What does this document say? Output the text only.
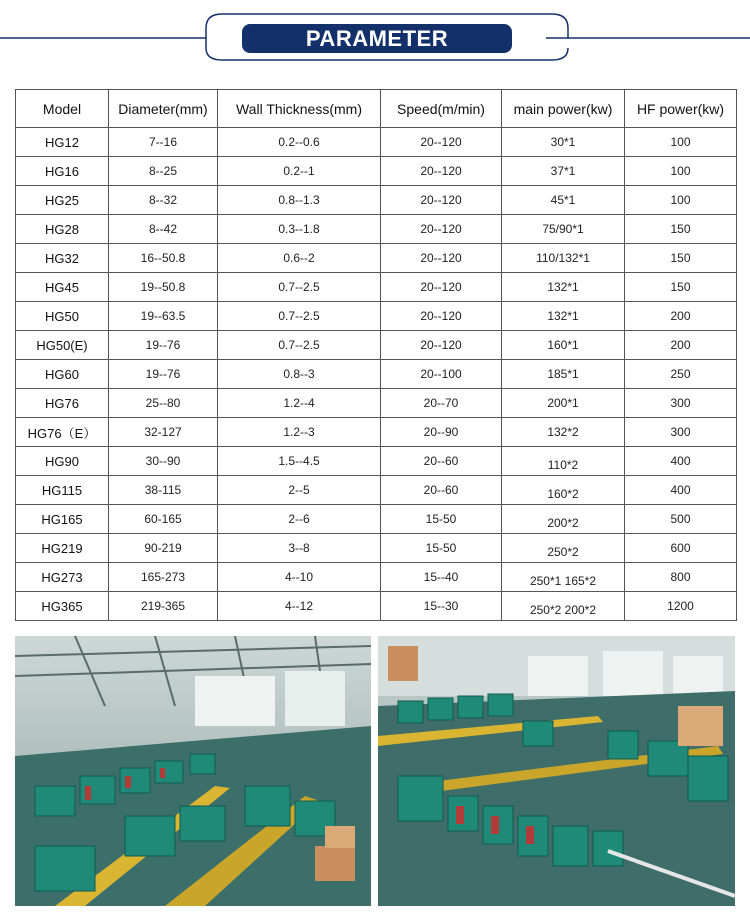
PARAMETER
Model	Diameter(mm)	Wall Thickness(mm)	Speed(m/min)	main power(kw)	HF power(kw)
HG12	7--16	0.2--0.6	20--120	30*1	100
HG16	8--25	0.2--1	20--120	37*1	100
HG25	8--32	0.8--1.3	20--120	45*1	100
HG28	8--42	0.3--1.8	20--120	75/90*1	150
HG32	16--50.8	0.6--2	20--120	110/132*1	150
HG45	19--50.8	0.7--2.5	20--120	132*1	150
HG50	19--63.5	0.7--2.5	20--120	132*1	200
HG50(E)	19--76	0.7--2.5	20--120	160*1	200
HG60	19--76	0.8--3	20--100	185*1	250
HG76	25--80	1.2--4	20--70	200*1	300
HG76（E）	32-127	1.2--3	20--90	132*2	300
HG90	30--90	1.5--4.5	20--60	110*2	400
HG115	38-115	2--5	20--60	160*2	400
HG165	60-165	2--6	15-50	200*2	500
HG219	90-219	3--8	15-50	250*2	600
HG273	165-273	4--10	15--40	250*1 165*2	800
HG365	219-365	4--12	15--30	250*2 200*2	1200
